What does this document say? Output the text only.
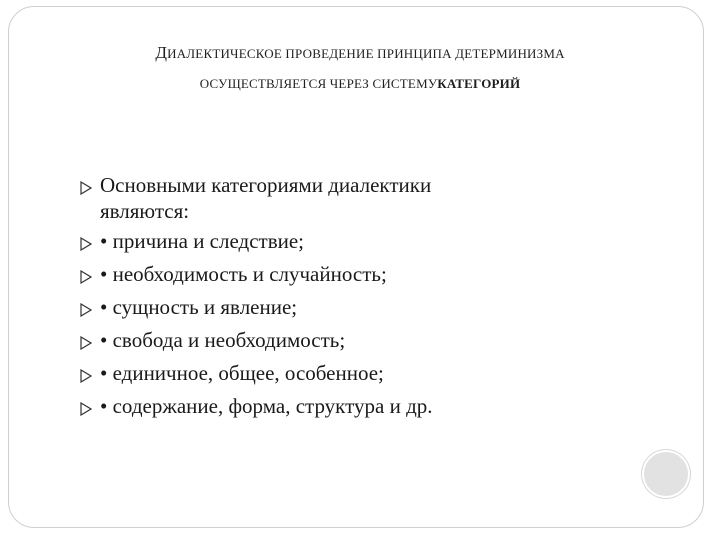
ДИАЛЕКТИЧЕСКОЕ ПРОВЕДЕНИЕ ПРИНЦИПА ДЕТЕРМИНИЗМА
ОСУЩЕСТВЛЯЕТСЯ ЧЕРЕЗ СИСТЕМУКАТЕГОРИЙ
Основными категориями диалектики
являются:
• причина и следствие;
• необходимость и случайность;
• сущность и явление;
• свобода и необходимость;
• единичное, общее, особенное;
• содержание, форма, структура и др.
